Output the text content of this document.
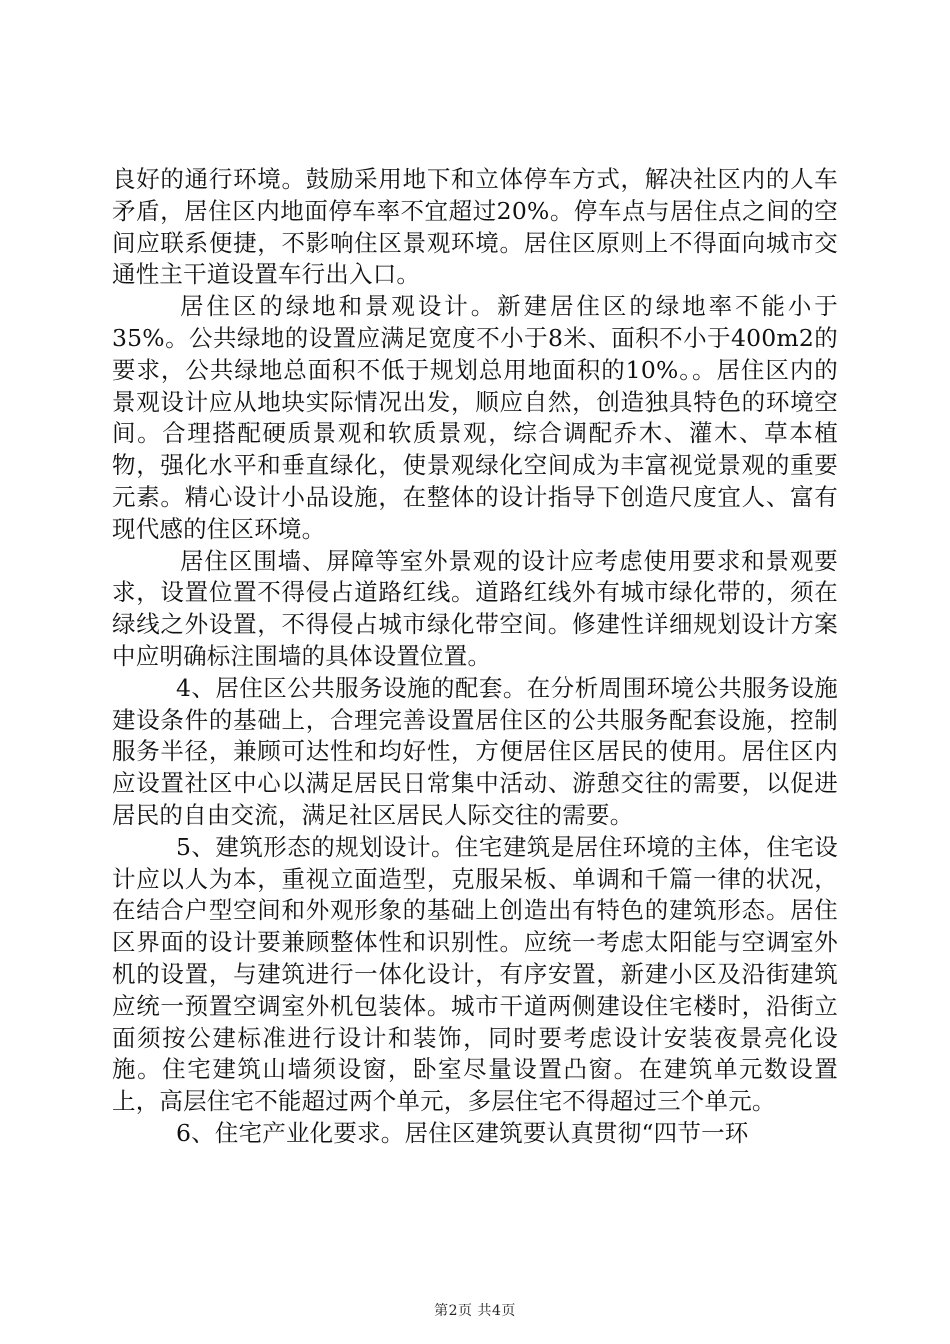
良好的通行环境。鼓励采用地下和立体停车方式，解决社区内的人车矛盾，居住区内地面停车率不宜超过20%。停车点与居住点之间的空间应联系便捷，不影响住区景观环境。居住区原则上不得面向城市交通性主干道设置车行出入口。

居住区的绿地和景观设计。新建居住区的绿地率不能小于35%。公共绿地的设置应满足宽度不小于8米、面积不小于400m2的要求，公共绿地总面积不低于规划总用地面积的10%。。居住区内的景观设计应从地块实际情况出发，顺应自然，创造独具特色的环境空间。合理搭配硬质景观和软质景观，综合调配乔木、灌木、草本植物，强化水平和垂直绿化，使景观绿化空间成为丰富视觉景观的重要元素。精心设计小品设施，在整体的设计指导下创造尺度宜人、富有现代感的住区环境。

居住区围墙、屏障等室外景观的设计应考虑使用要求和景观要求，设置位置不得侵占道路红线。道路红线外有城市绿化带的，须在绿线之外设置，不得侵占城市绿化带空间。修建性详细规划设计方案中应明确标注围墙的具体设置位置。

4、居住区公共服务设施的配套。在分析周围环境公共服务设施建设条件的基础上，合理完善设置居住区的公共服务配套设施，控制服务半径，兼顾可达性和均好性，方便居住区居民的使用。居住区内应设置社区中心以满足居民日常集中活动、游憩交往的需要，以促进居民的自由交流，满足社区居民人际交往的需要。

5、建筑形态的规划设计。住宅建筑是居住环境的主体，住宅设计应以人为本，重视立面造型，克服呆板、单调和千篇一律的状况，在结合户型空间和外观形象的基础上创造出有特色的建筑形态。居住区界面的设计要兼顾整体性和识别性。应统一考虑太阳能与空调室外机的设置，与建筑进行一体化设计，有序安置，新建小区及沿街建筑应统一预置空调室外机包装体。城市干道两侧建设住宅楼时，沿街立面须按公建标准进行设计和装饰，同时要考虑设计安装夜景亮化设施。住宅建筑山墙须设窗，卧室尽量设置凸窗。在建筑单元数设置上，高层住宅不能超过两个单元，多层住宅不得超过三个单元。

6、住宅产业化要求。居住区建筑要认真贯彻“四节一环

第2页 共4页
